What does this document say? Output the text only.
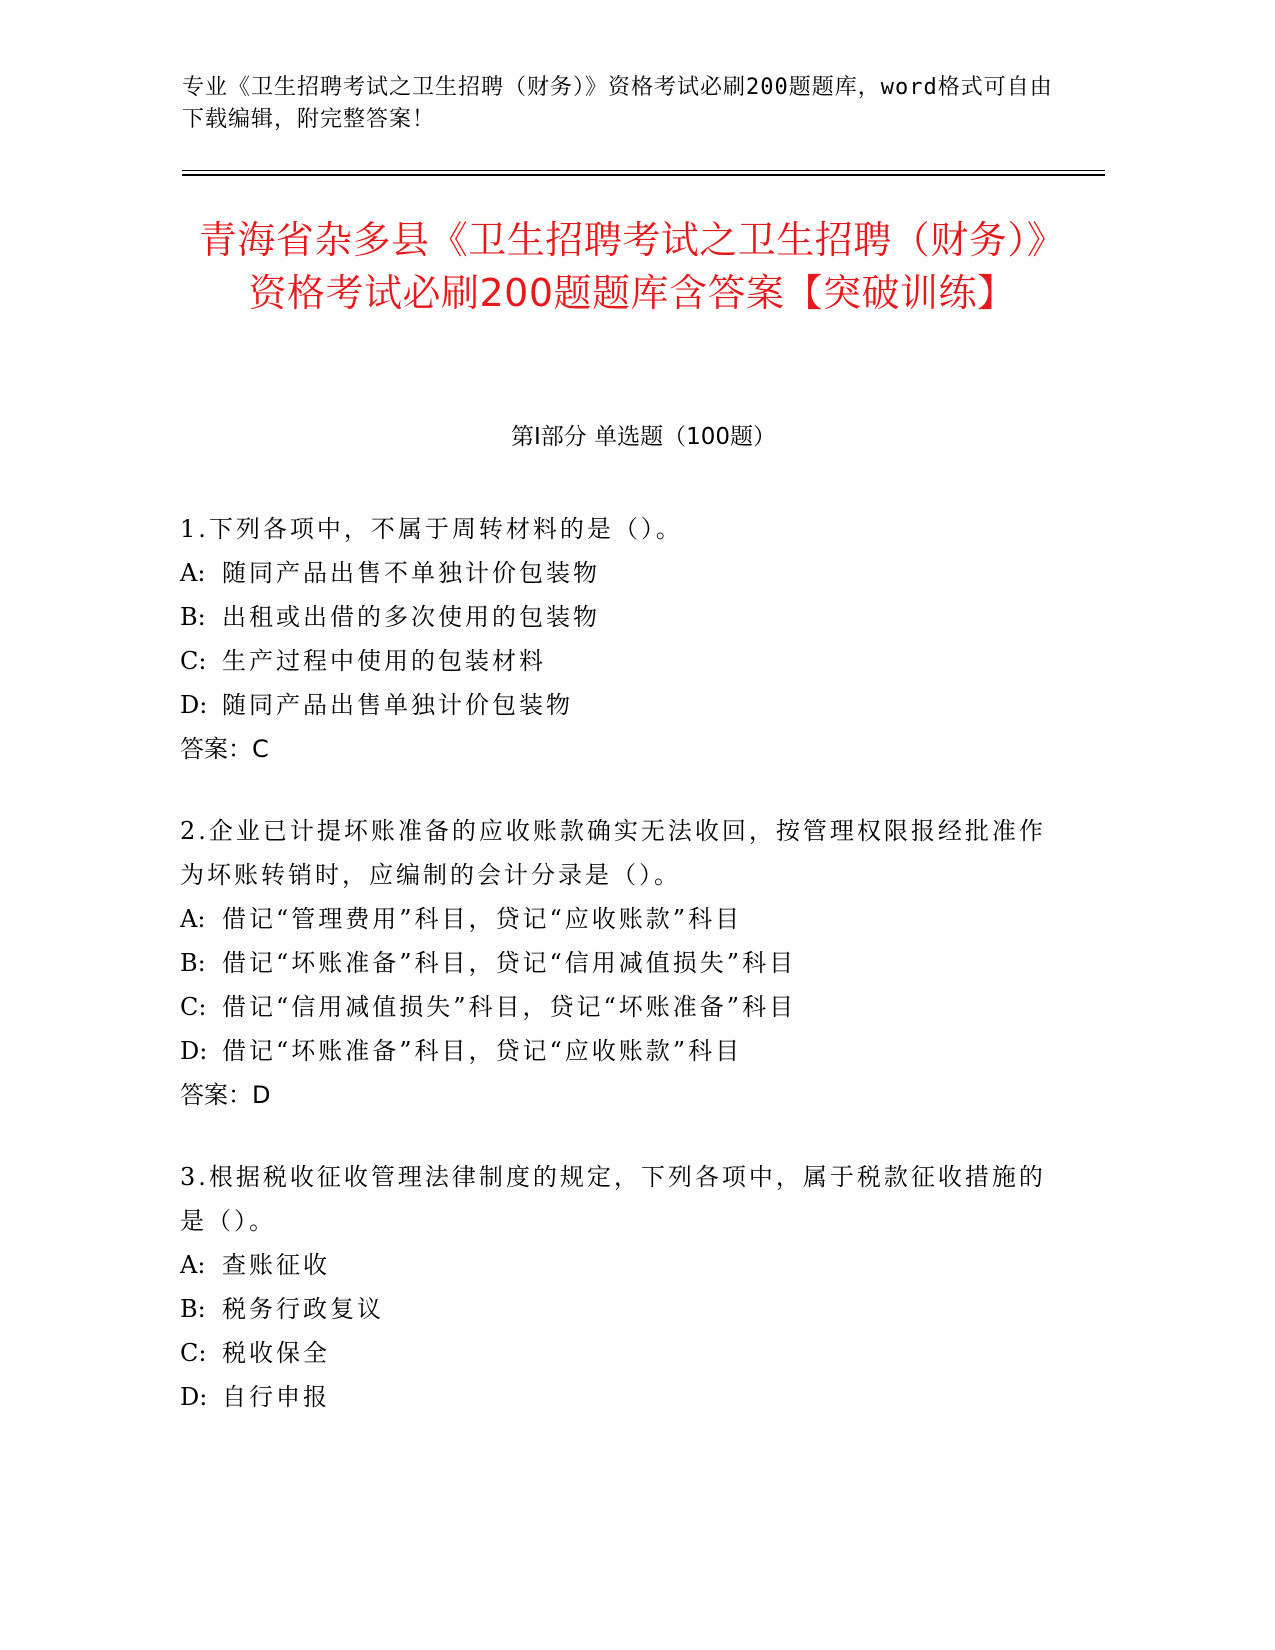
专业《卫生招聘考试之卫生招聘（财务）》资格考试必刷200题题库，word格式可自由下载编辑，附完整答案！
青海省杂多县《卫生招聘考试之卫生招聘（财务）》资格考试必刷200题题库含答案【突破训练】
第Ⅰ部分 单选题（100题）
1.下列各项中，不属于周转材料的是（）。
A: 随同产品出售不单独计价包装物
B: 出租或出借的多次使用的包装物
C: 生产过程中使用的包装材料
D: 随同产品出售单独计价包装物
答案：C
2.企业已计提坏账准备的应收账款确实无法收回，按管理权限报经批准作为坏账转销时，应编制的会计分录是（）。
A: 借记“管理费用”科目，贷记“应收账款”科目
B: 借记“坏账准备”科目，贷记“信用减值损失”科目
C: 借记“信用减值损失”科目，贷记“坏账准备”科目
D: 借记“坏账准备”科目，贷记“应收账款”科目
答案：D
3.根据税收征收管理法律制度的规定，下列各项中，属于税款征收措施的是（）。
A: 查账征收
B: 税务行政复议
C: 税收保全
D: 自行申报
